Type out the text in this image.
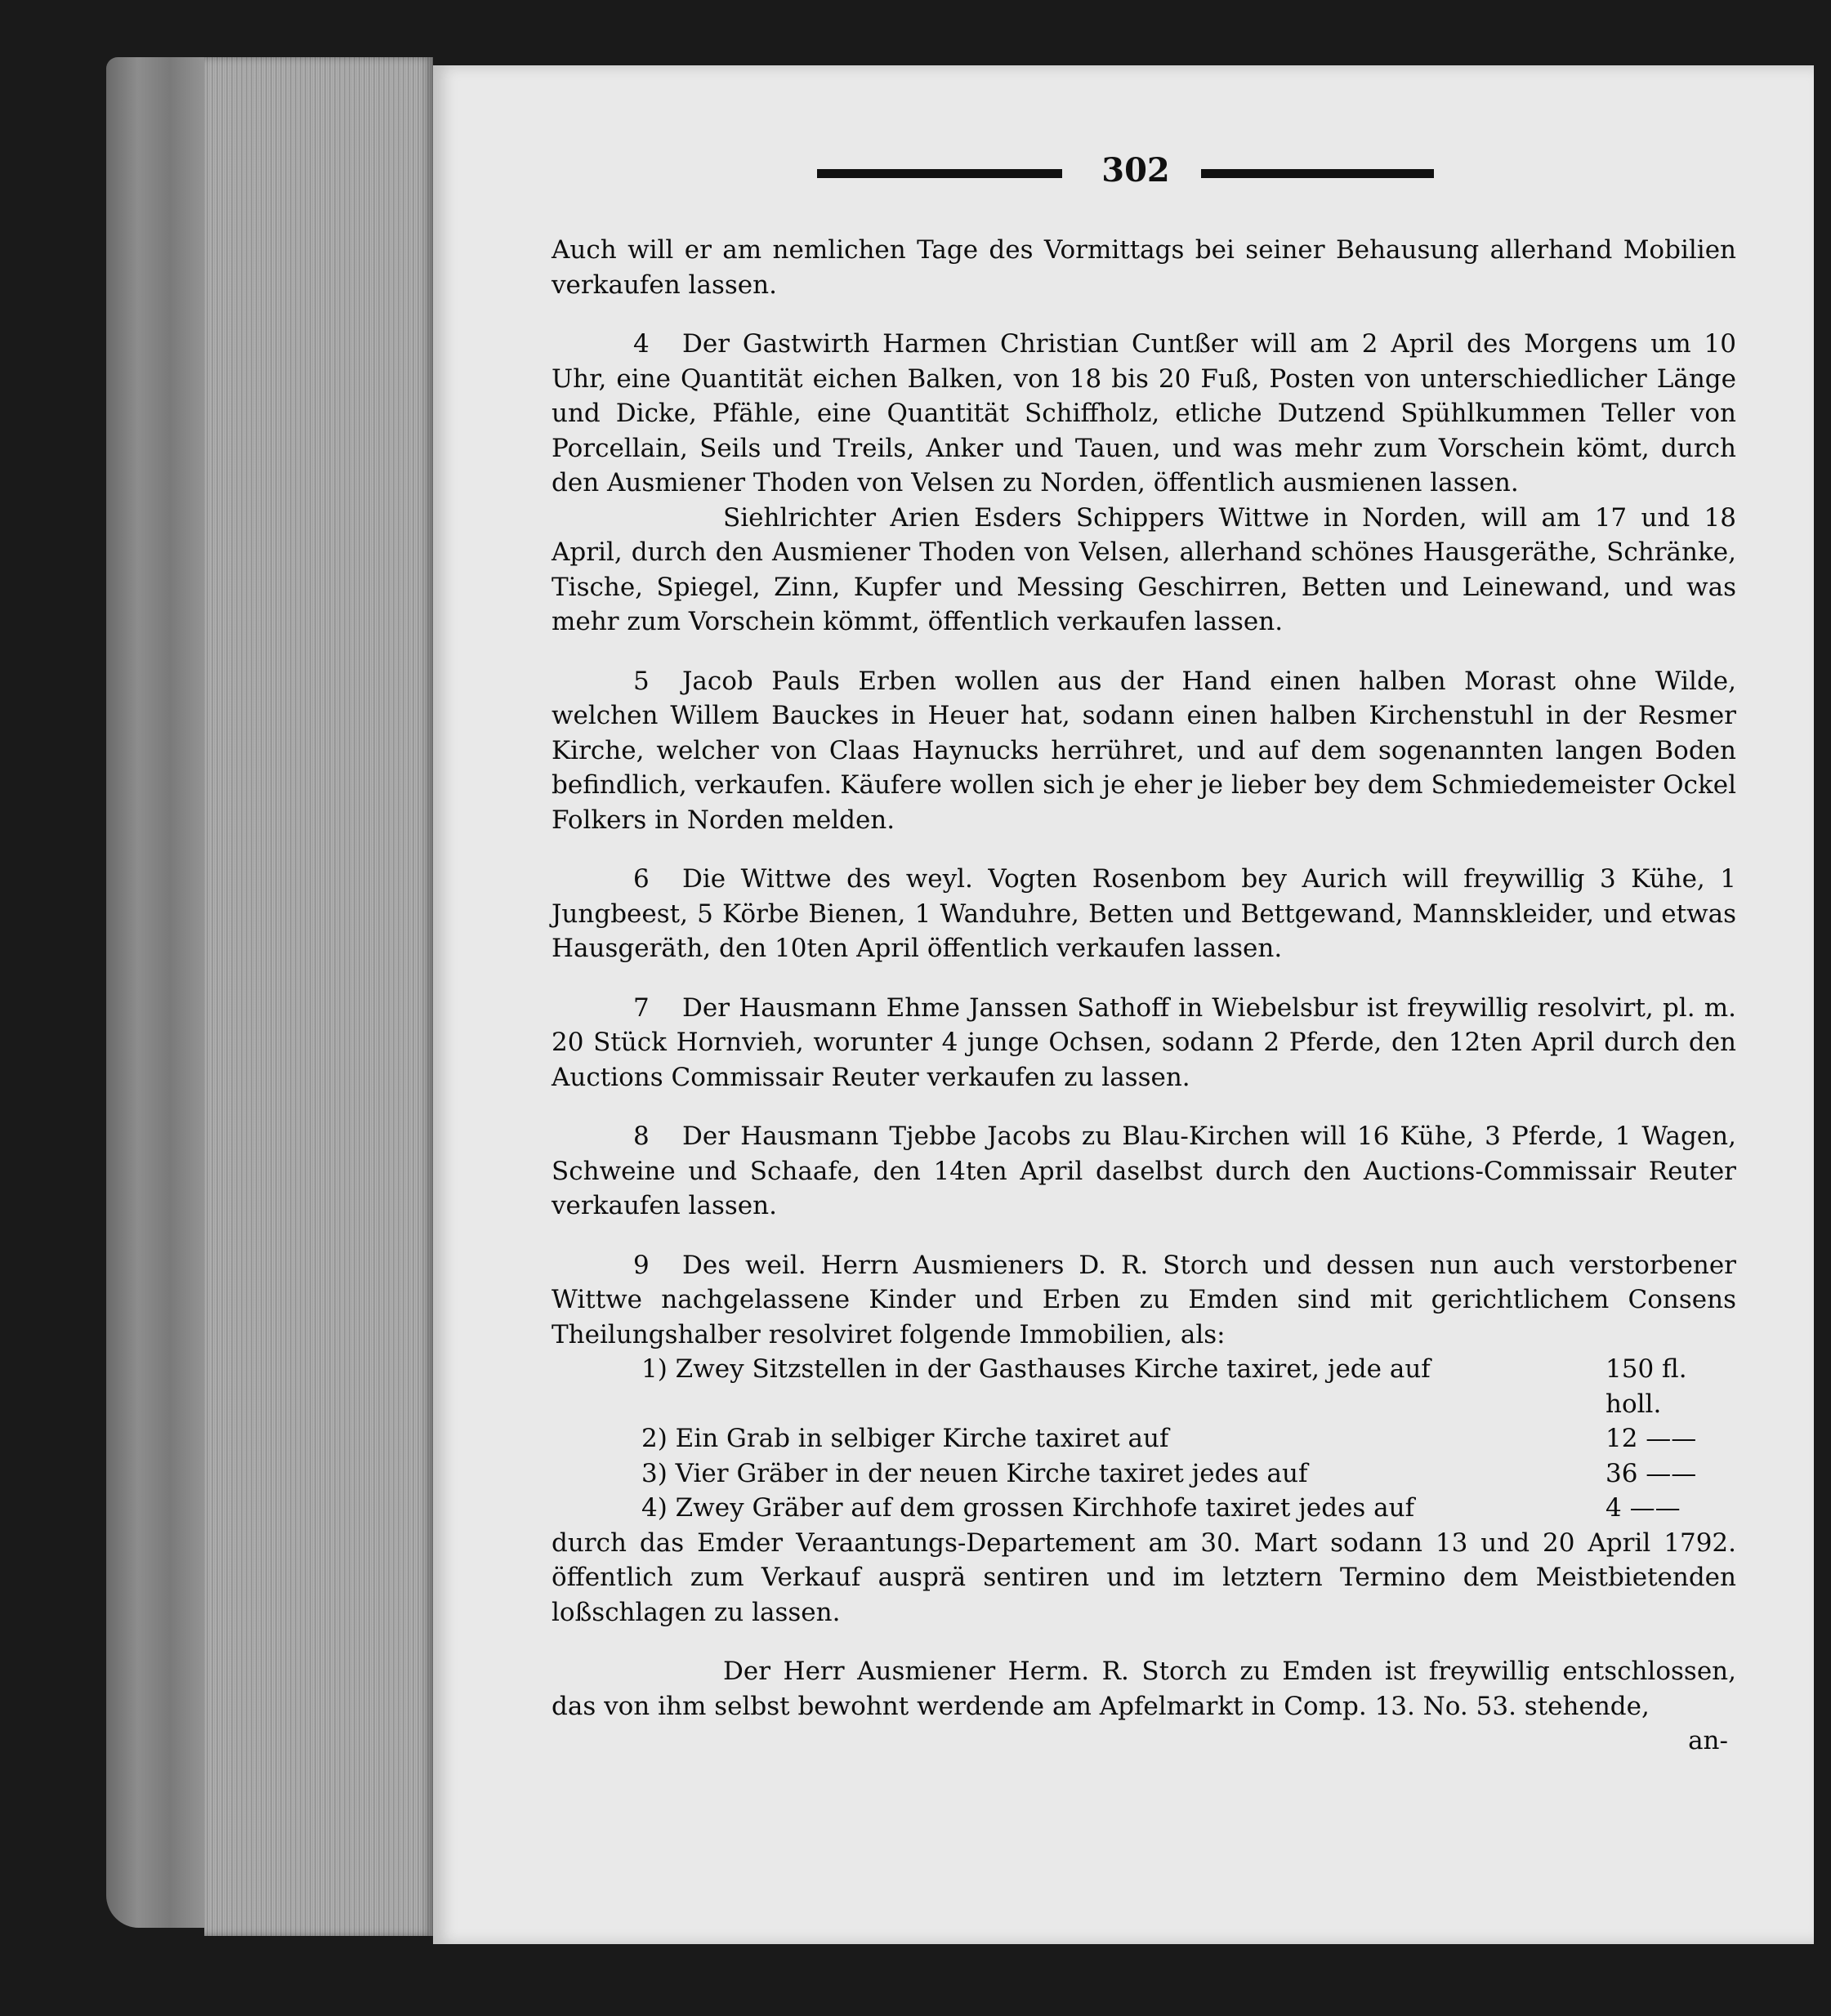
302

Auch will er am nemlichen Tage des Vormittags bei seiner Behausung allerhand Mobilien verkaufen lassen.

4 Der Gastwirth Harmen Christian Cuntßer will am 2 April des Morgens um 10 Uhr, eine Quantität eichen Balken, von 18 bis 20 Fuß, Posten von unterschiedlicher Länge und Dicke, Pfähle, eine Quantität Schiffholz, etliche Dutzend Spühlkummen Teller von Porcellain, Seils und Treils, Anker und Tauen, und was mehr zum Vorschein kömt, durch den Ausmiener Thoden von Velsen zu Norden, öffentlich ausmienen lassen.

Siehlrichter Arien Esders Schippers Wittwe in Norden, will am 17 und 18 April, durch den Ausmiener Thoden von Velsen, allerhand schönes Hausgeräthe, Schränke, Tische, Spiegel, Zinn, Kupfer und Messing Geschirren, Betten und Leinewand, und was mehr zum Vorschein kömmt, öffentlich verkaufen lassen.

5 Jacob Pauls Erben wollen aus der Hand einen halben Morast ohne Wilde, welchen Willem Bauckes in Heuer hat, sodann einen halben Kirchenstuhl in der Resmer Kirche, welcher von Claas Haynucks herrühret, und auf dem sogenannten langen Boden befindlich, verkaufen. Käufere wollen sich je eher je lieber bey dem Schmiedemeister Ockel Folkers in Norden melden.

6 Die Wittwe des weyl. Vogten Rosenbom bey Aurich will freywillig 3 Kühe, 1 Jungbeest, 5 Körbe Bienen, 1 Wanduhre, Betten und Bettgewand, Mannskleider, und etwas Hausgeräth, den 10ten April öffentlich verkaufen lassen.

7 Der Hausmann Ehme Janssen Sathoff in Wiebelsbur ist freywillig resolvirt, pl. m. 20 Stück Hornvieh, worunter 4 junge Ochsen, sodann 2 Pferde, den 12ten April durch den Auctions Commissair Reuter verkaufen zu lassen.

8 Der Hausmann Tjebbe Jacobs zu Blau-Kirchen will 16 Kühe, 3 Pferde, 1 Wagen, Schweine und Schaafe, den 14ten April daselbst durch den Auctions-Commissair Reuter verkaufen lassen.

9 Des weil. Herrn Ausmieners D. R. Storch und dessen nun auch verstorbener Wittwe nachgelassene Kinder und Erben zu Emden sind mit gerichtlichem Consens Theilungshalber resolviret folgende Immobilien, als:

1) Zwey Sitzstellen in der Gasthauses Kirche taxiret, jede auf	150 fl. holl.
2) Ein Grab in selbiger Kirche taxiret auf	12 ——
3) Vier Gräber in der neuen Kirche taxiret jedes auf	36 ——
4) Zwey Gräber auf dem grossen Kirchhofe taxiret jedes auf	4 ——

durch das Emder Veraantungs-Departement am 30. Mart sodann 13 und 20 April 1792. öffentlich zum Verkauf ausprä sentiren und im letztern Termino dem Meistbietenden loßschlagen zu lassen.

Der Herr Ausmiener Herm. R. Storch zu Emden ist freywillig entschlossen, das von ihm selbst bewohnt werdende am Apfelmarkt in Comp. 13. No. 53. stehende,

an-
